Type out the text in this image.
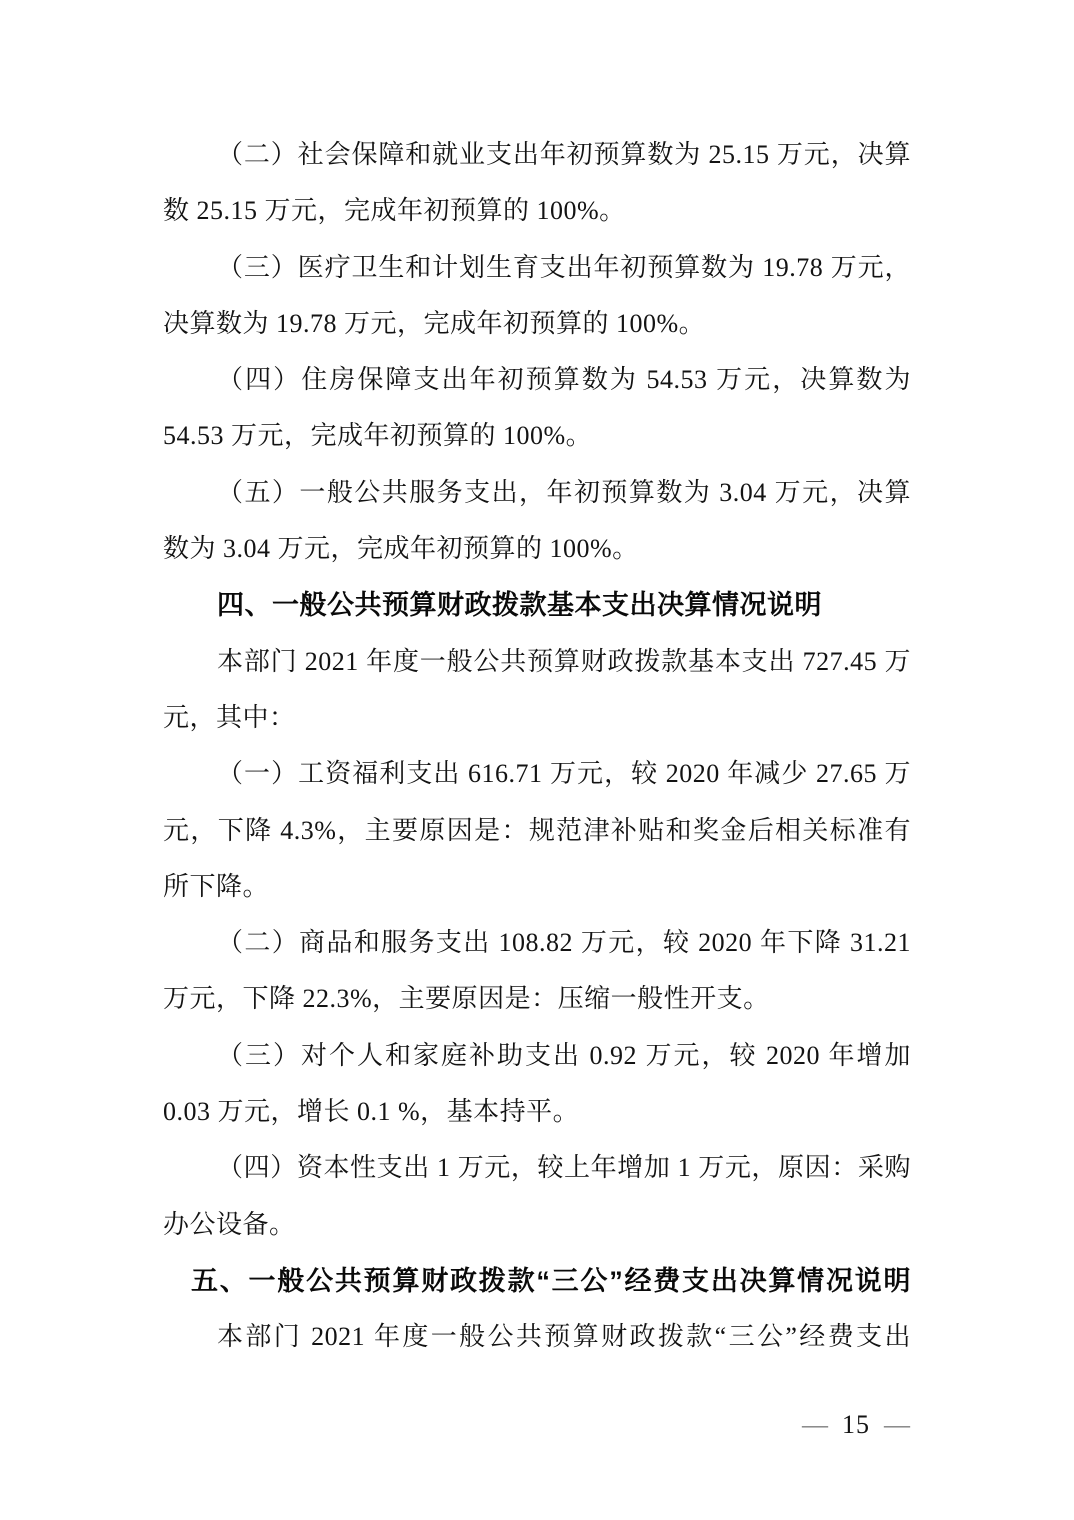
（二）社会保障和就业支出年初预算数为 25.15 万元，决算
数 25.15 万元，完成年初预算的 100%。
（三）医疗卫生和计划生育支出年初预算数为 19.78 万元，
决算数为 19.78 万元，完成年初预算的 100%。
（四）住房保障支出年初预算数为 54.53 万元，决算数为
54.53 万元，完成年初预算的 100%。
（五）一般公共服务支出，年初预算数为 3.04 万元，决算
数为 3.04 万元，完成年初预算的 100%。
四、一般公共预算财政拨款基本支出决算情况说明
本部门 2021 年度一般公共预算财政拨款基本支出 727.45 万
元，其中：
（一）工资福利支出 616.71 万元，较 2020 年减少 27.65 万
元，下降 4.3%，主要原因是：规范津补贴和奖金后相关标准有
所下降。
（二）商品和服务支出 108.82 万元，较 2020 年下降 31.21
万元，下降 22.3%，主要原因是：压缩一般性开支。
（三）对个人和家庭补助支出 0.92 万元，较 2020 年增加
0.03 万元，增长 0.1 %，基本持平。
（四）资本性支出 1 万元，较上年增加 1 万元，原因：采购
办公设备。
五、一般公共预算财政拨款“三公”经费支出决算情况说明
本部门 2021 年度一般公共预算财政拨款“三公”经费支出
— 15 —
